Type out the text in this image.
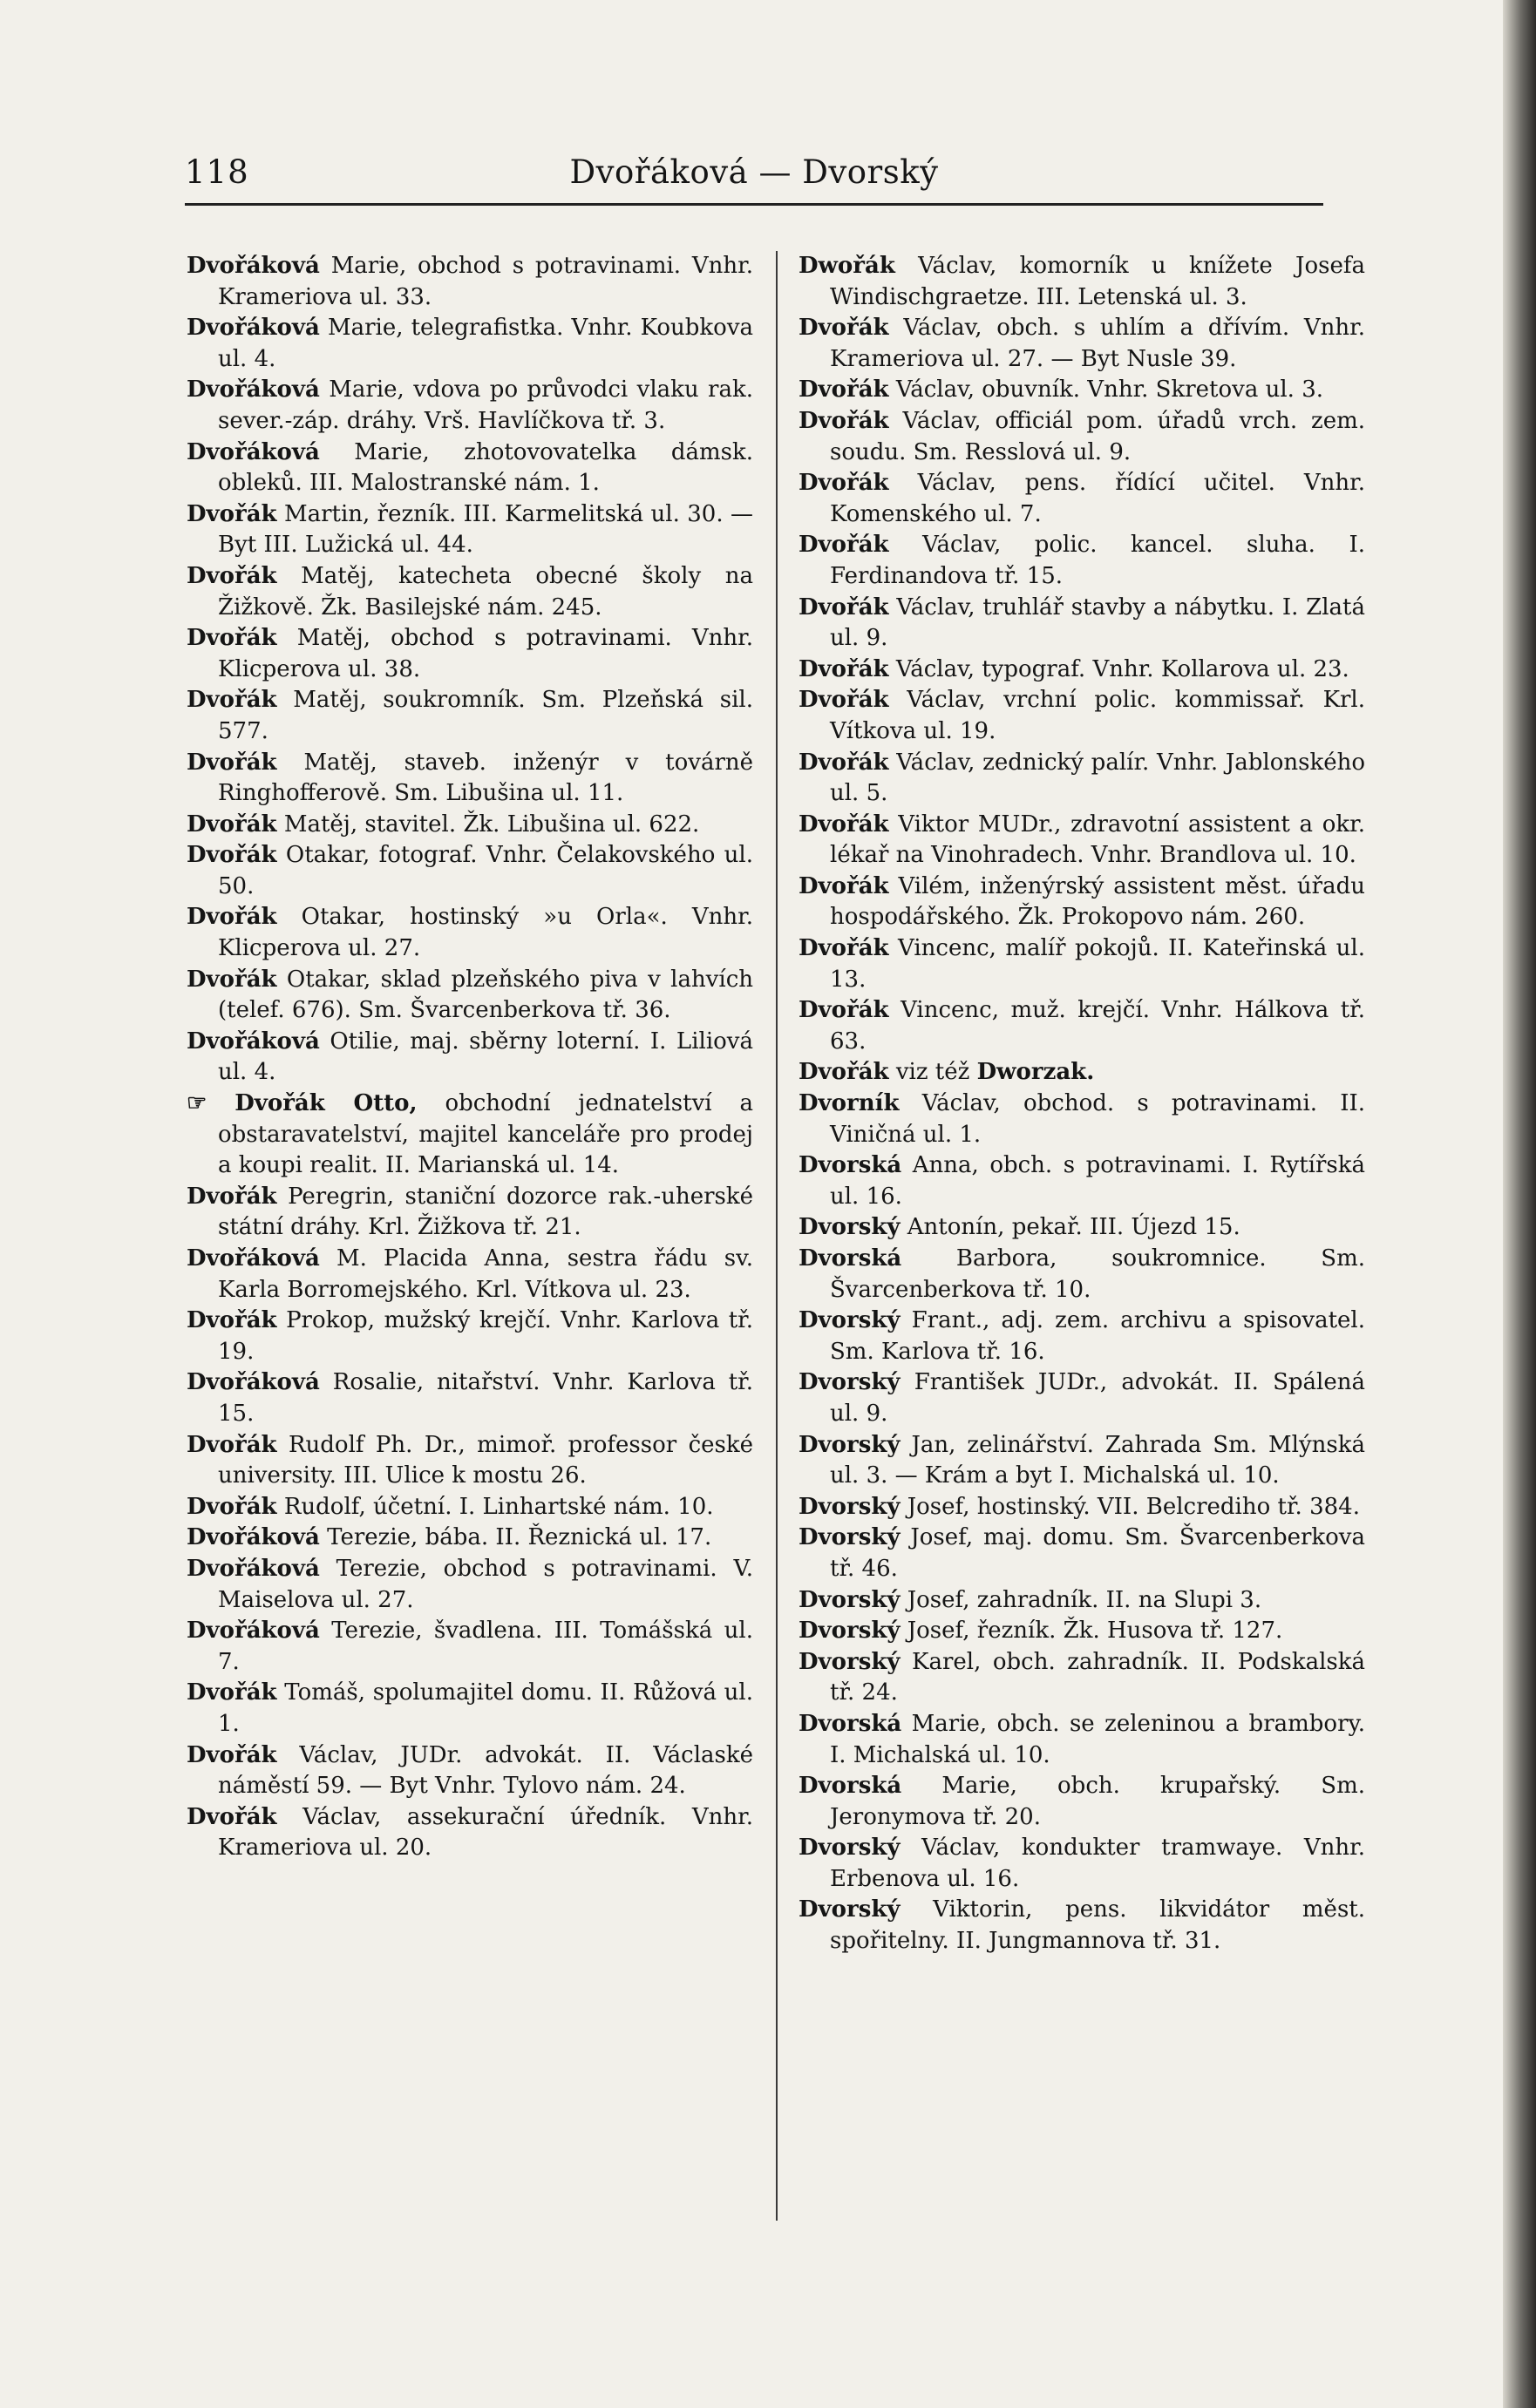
118	Dvořáková — Dvorský
Dvořáková Marie, obchod s potravinami. Vnhr. Krameriova ul. 33.
Dvořáková Marie, telegrafistka. Vnhr. Koubkova ul. 4.
Dvořáková Marie, vdova po průvodci vlaku rak. sever.-záp. dráhy. Vrš. Havlíčkova tř. 3.
Dvořáková Marie, zhotovovatelka dámsk. obleků. III. Malostranské nám. 1.
Dvořák Martin, řezník. III. Karmelitská ul. 30. — Byt III. Lužická ul. 44.
Dvořák Matěj, katecheta obecné školy na Žižkově. Žk. Basilejské nám. 245.
Dvořák Matěj, obchod s potravinami. Vnhr. Klicperova ul. 38.
Dvořák Matěj, soukromník. Sm. Plzeňská sil. 577.
Dvořák Matěj, staveb. inženýr v továrně Ringhofferově. Sm. Libušina ul. 11.
Dvořák Matěj, stavitel. Žk. Libušina ul. 622.
Dvořák Otakar, fotograf. Vnhr. Čelakovského ul. 50.
Dvořák Otakar, hostinský »u Orla«. Vnhr. Klicperova ul. 27.
Dvořák Otakar, sklad plzeňského piva v lahvích (telef. 676). Sm. Švarcenberkova tř. 36.
Dvořáková Otilie, maj. sběrny loterní. I. Liliová ul. 4.
☞ Dvořák Otto, obchodní jednatelství a obstaravatelství, majitel kanceláře pro prodej a koupi realit. II. Marianská ul. 14.
Dvořák Peregrin, staniční dozorce rak.-uherské státní dráhy. Krl. Žižkova tř. 21.
Dvořáková M. Placida Anna, sestra řádu sv. Karla Borromejského. Krl. Vítkova ul. 23.
Dvořák Prokop, mužský krejčí. Vnhr. Karlova tř. 19.
Dvořáková Rosalie, nitařství. Vnhr. Karlova tř. 15.
Dvořák Rudolf Ph. Dr., mimoř. professor české university. III. Ulice k mostu 26.
Dvořák Rudolf, účetní. I. Linhartské nám. 10.
Dvořáková Terezie, bába. II. Řeznická ul. 17.
Dvořáková Terezie, obchod s potravinami. V. Maiselova ul. 27.
Dvořáková Terezie, švadlena. III. Tomášská ul. 7.
Dvořák Tomáš, spolumajitel domu. II. Růžová ul. 1.
Dvořák Václav, JUDr. advokát. II. Václaské náměstí 59. — Byt Vnhr. Tylovo nám. 24.
Dvořák Václav, assekurační úředník. Vnhr. Krameriova ul. 20.
Dwořák Václav, komorník u knížete Josefa Windischgraetze. III. Letenská ul. 3.
Dvořák Václav, obch. s uhlím a dřívím. Vnhr. Krameriova ul. 27. — Byt Nusle 39.
Dvořák Václav, obuvník. Vnhr. Skretova ul. 3.
Dvořák Václav, officiál pom. úřadů vrch. zem. soudu. Sm. Resslová ul. 9.
Dvořák Václav, pens. řídící učitel. Vnhr. Komenského ul. 7.
Dvořák Václav, polic. kancel. sluha. I. Ferdinandova tř. 15.
Dvořák Václav, truhlář stavby a nábytku. I. Zlatá ul. 9.
Dvořák Václav, typograf. Vnhr. Kollarova ul. 23.
Dvořák Václav, vrchní polic. kommissař. Krl. Vítkova ul. 19.
Dvořák Václav, zednický palír. Vnhr. Jablonského ul. 5.
Dvořák Viktor MUDr., zdravotní assistent a okr. lékař na Vinohradech. Vnhr. Brandlova ul. 10.
Dvořák Vilém, inženýrský assistent měst. úřadu hospodářského. Žk. Prokopovo nám. 260.
Dvořák Vincenc, malíř pokojů. II. Kateřinská ul. 13.
Dvořák Vincenc, muž. krejčí. Vnhr. Hálkova tř. 63.
Dvořák viz též Dworzak.
Dvorník Václav, obchod. s potravinami. II. Viničná ul. 1.
Dvorská Anna, obch. s potravinami. I. Rytířská ul. 16.
Dvorský Antonín, pekař. III. Újezd 15.
Dvorská Barbora, soukromnice. Sm. Švarcenberkova tř. 10.
Dvorský Frant., adj. zem. archivu a spisovatel. Sm. Karlova tř. 16.
Dvorský František JUDr., advokát. II. Spálená ul. 9.
Dvorský Jan, zelinářství. Zahrada Sm. Mlýnská ul. 3. — Krám a byt I. Michalská ul. 10.
Dvorský Josef, hostinský. VII. Belcrediho tř. 384.
Dvorský Josef, maj. domu. Sm. Švarcenberkova tř. 46.
Dvorský Josef, zahradník. II. na Slupi 3.
Dvorský Josef, řezník. Žk. Husova tř. 127.
Dvorský Karel, obch. zahradník. II. Podskalská tř. 24.
Dvorská Marie, obch. se zeleninou a brambory. I. Michalská ul. 10.
Dvorská Marie, obch. krupařský. Sm. Jeronymova tř. 20.
Dvorský Václav, kondukter tramwaye. Vnhr. Erbenova ul. 16.
Dvorský Viktorin, pens. likvidátor měst. spořitelny. II. Jungmannova tř. 31.
